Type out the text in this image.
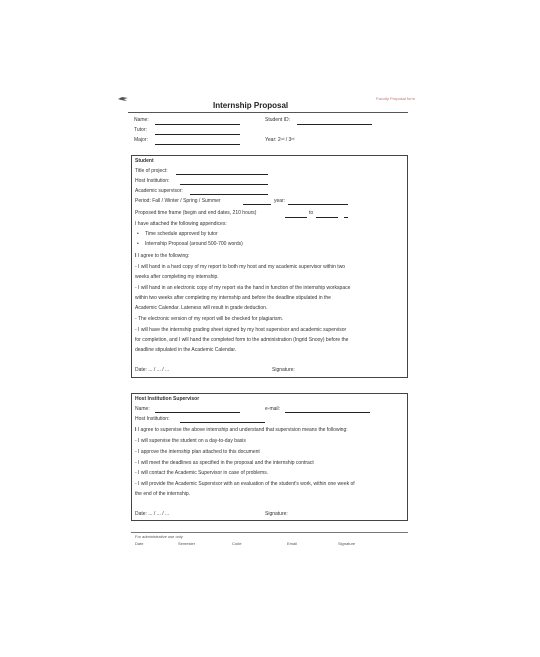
Faculty Proposal form
Internship Proposal
Name:	Student ID:
Tutor:
Major:	Year: 2ⁿᵈ / 3ʳᵈ
Student
Title of project:
Host Institution:
Academic supervisor:
Period: Fall / Winter / Spring / Summer	year:
Proposed time frame (begin and end dates, 210 hours)	to
I have attached the following appendices:
• Time schedule approved by tutor
• Internship Proposal (around 500-700 words)
I I agree to the following:
- I will hand in a hard copy of my report to both my host and my academic supervisor within two
weeks after completing my internship.
- I will hand in an electronic copy of my report via the hand in function of the internship workspace
within two weeks after completing my internship and before the deadline stipulated in the
Academic Calendar. Lateness will result in grade deduction.
- The electronic version of my report will be checked for plagiarism.
- I will have the internship grading sheet signed by my host supervisor and academic supervisor
for completion, and I will hand the completed form to the administration (Ingrid Snooy) before the
deadline stipulated in the Academic Calendar.
Date: ... / ... / ...	Signature:
Host Institution Supervisor
Name:	e-mail:
Host Institution:
I I agree to supervise the above internship and understand that supervision means the following:
- I will supervise the student on a day-to-day basis
- I approve the internship plan attached to this document
- I will meet the deadlines as specified in the proposal and the internship contract
- I will contact the Academic Supervisor in case of problems.
- I will provide the Academic Supervisor with an evaluation of the student's work, within one week of
the end of the internship.
Date: ... / ... / ...	Signature:
For administrative use only
Date	Semester	Code	Email	Signature
